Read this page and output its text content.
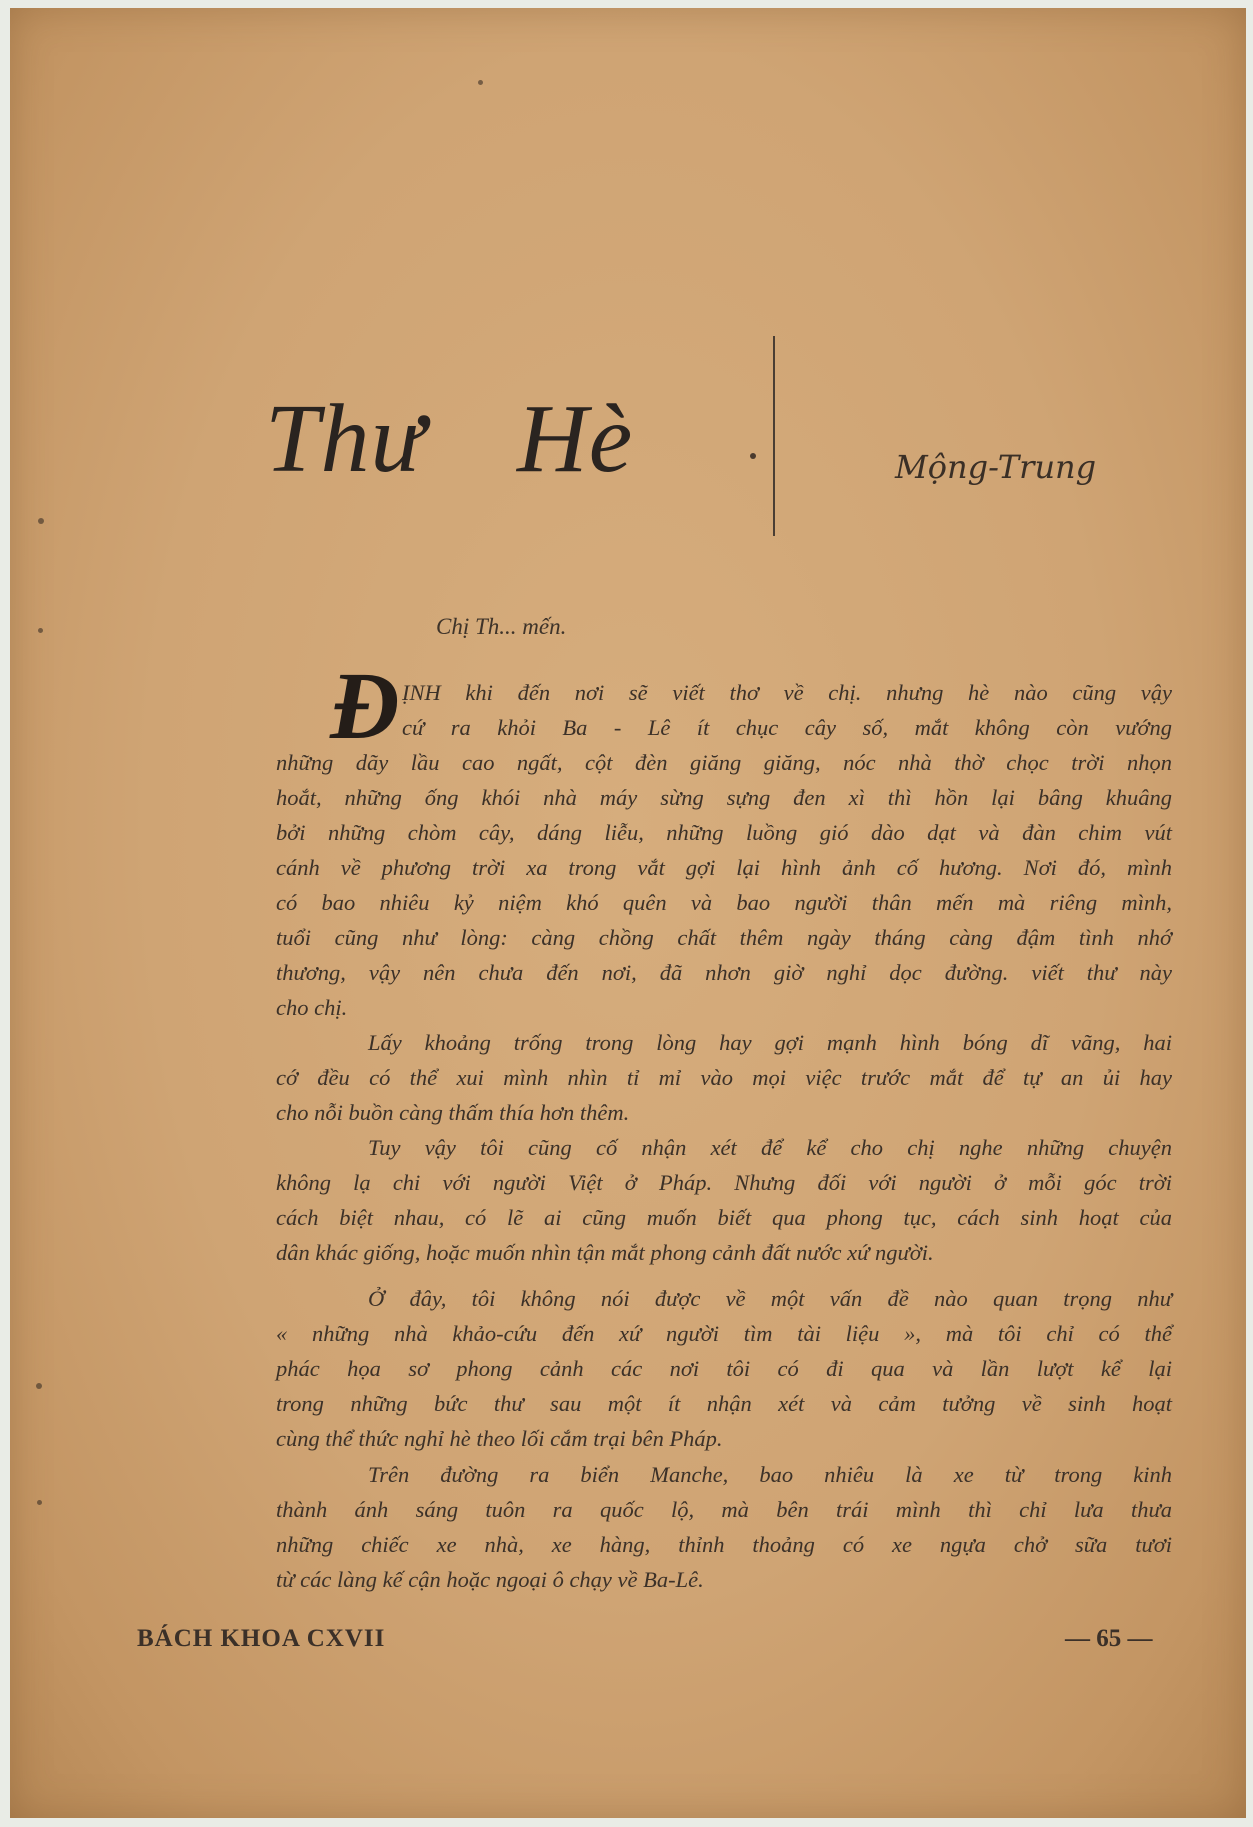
Thư Hè	Mộng-Trung
Chị Th... mến.
Đ ỊNH khi đến nơi sẽ viết thơ về chị. nhưng hè nào cũng vậy
cứ ra khỏi Ba - Lê ít chục cây số, mắt không còn vướng
những dãy lầu cao ngất, cột đèn giăng giăng, nóc nhà thờ chọc trời nhọn
hoắt, những ống khói nhà máy sừng sựng đen xì thì hồn lại bâng khuâng
bởi những chòm cây, dáng liễu, những luồng gió dào dạt và đàn chim vút
cánh về phương trời xa trong vắt gợi lại hình ảnh cố hương. Nơi đó, mình
có bao nhiêu kỷ niệm khó quên và bao người thân mến mà riêng mình,
tuổi cũng như lòng: càng chồng chất thêm ngày tháng càng đậm tình nhớ
thương, vậy nên chưa đến nơi, đã nhơn giờ nghỉ dọc đường. viết thư này
cho chị.
Lấy khoảng trống trong lòng hay gợi mạnh hình bóng dĩ vãng, hai
cớ đều có thể xui mình nhìn tỉ mỉ vào mọi việc trước mắt để tự an ủi hay
cho nỗi buồn càng thấm thía hơn thêm.
Tuy vậy tôi cũng cố nhận xét để kể cho chị nghe những chuyện
không lạ chi với người Việt ở Pháp. Nhưng đối với người ở mỗi góc trời
cách biệt nhau, có lẽ ai cũng muốn biết qua phong tục, cách sinh hoạt của
dân khác giống, hoặc muốn nhìn tận mắt phong cảnh đất nước xứ người.
Ở đây, tôi không nói được về một vấn đề nào quan trọng như
« những nhà khảo-cứu đến xứ người tìm tài liệu », mà tôi chỉ có thể
phác họa sơ phong cảnh các nơi tôi có đi qua và lần lượt kể lại
trong những bức thư sau một ít nhận xét và cảm tưởng về sinh hoạt
cùng thể thức nghỉ hè theo lối cắm trại bên Pháp.
Trên đường ra biển Manche, bao nhiêu là xe từ trong kinh
thành ánh sáng tuôn ra quốc lộ, mà bên trái mình thì chỉ lưa thưa
những chiếc xe nhà, xe hàng, thỉnh thoảng có xe ngựa chở sữa tươi
từ các làng kế cận hoặc ngoại ô chạy về Ba-Lê.
BÁCH KHOA CXVII	— 65 —
